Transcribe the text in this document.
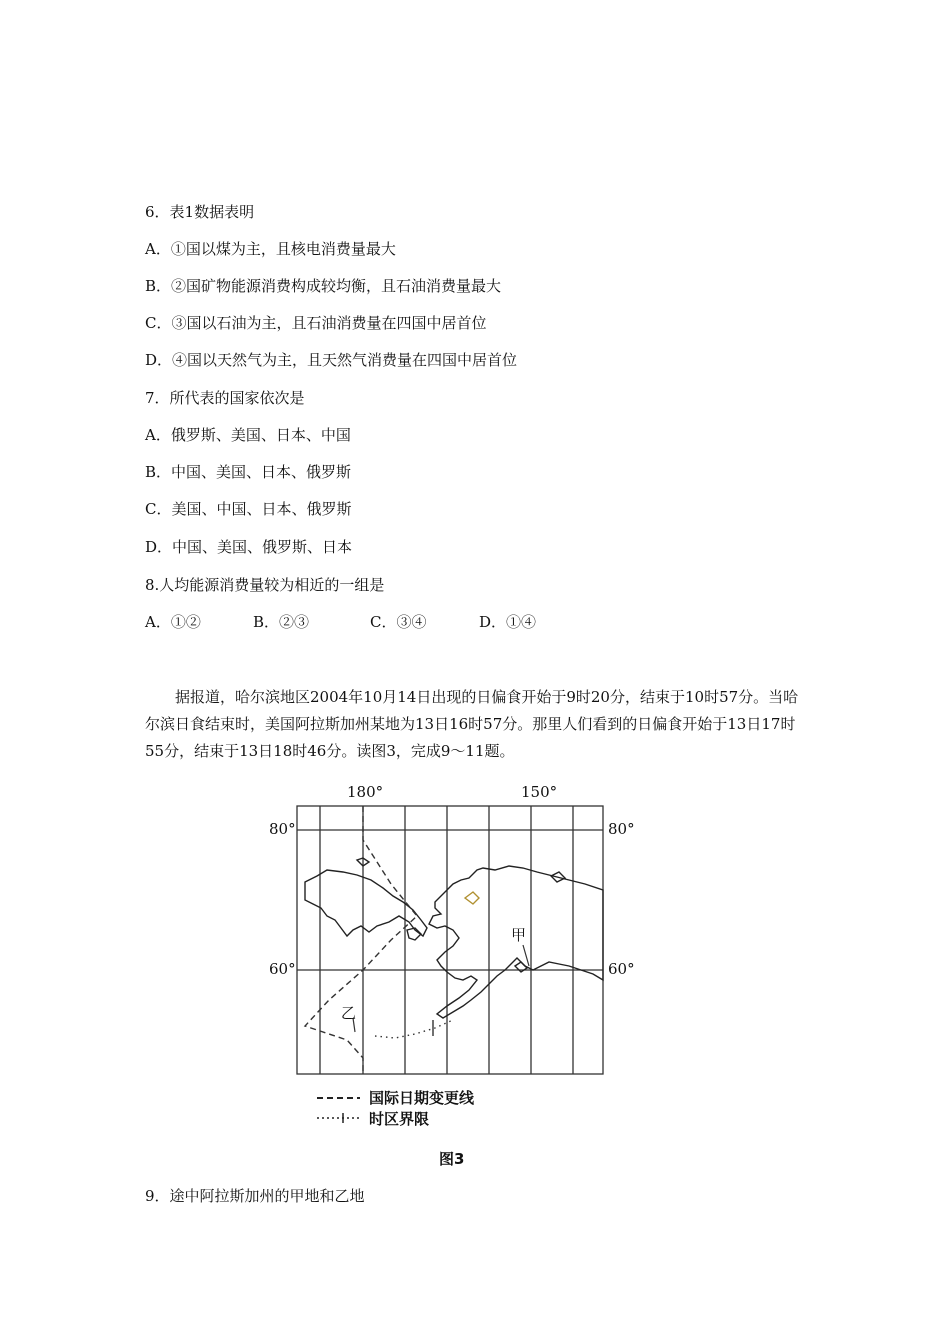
6．表1数据表明
A．①国以煤为主，且核电消费量最大
B．②国矿物能源消费构成较均衡，且石油消费量最大
C．③国以石油为主，且石油消费量在四国中居首位
D．④国以天然气为主，且天然气消费量在四国中居首位
7．所代表的国家依次是
A．俄罗斯、美国、日本、中国
B．中国、美国、日本、俄罗斯
C．美国、中国、日本、俄罗斯
D．中国、美国、俄罗斯、日本
8.人均能源消费量较为相近的一组是
A．①②	B．②③	C．③④	D．①④
据报道，哈尔滨地区2004年10月14日出现的日偏食开始于9时20分，结束于10时57分。当哈尔滨日食结束时，美国阿拉斯加州某地为13日16时57分。那里人们看到的日偏食开始于13日17时55分，结束于13日18时46分。读图3，完成9～11题。
180°	150°
80°	80°
60°	60°
甲
乙
国际日期变更线
时区界限
图3
9．途中阿拉斯加州的甲地和乙地
